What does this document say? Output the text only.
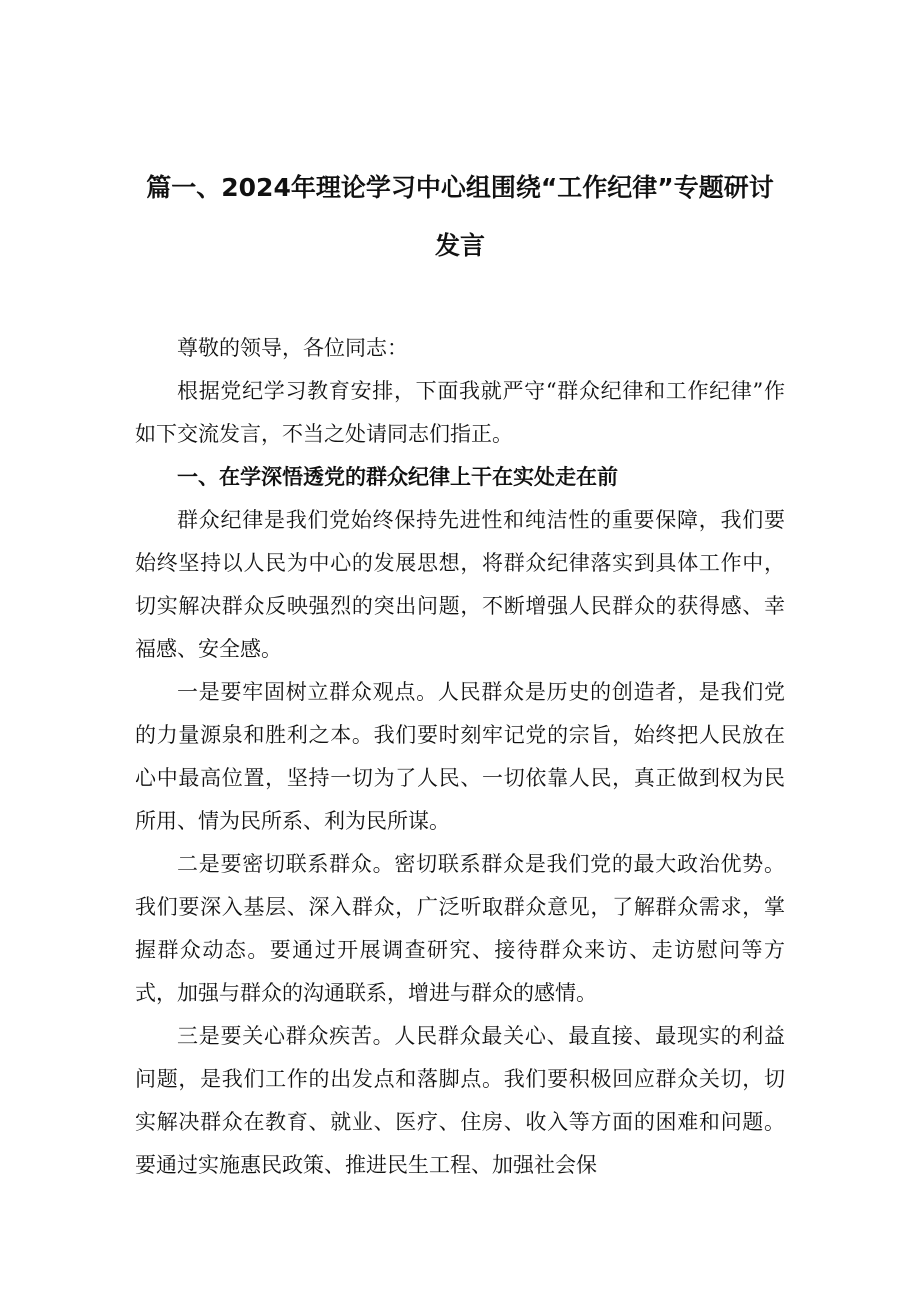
篇一、2024年理论学习中心组围绕“工作纪律”专题研讨
发言

尊敬的领导，各位同志：

根据党纪学习教育安排，下面我就严守“群众纪律和工作纪律”作如下交流发言，不当之处请同志们指正。

一、在学深悟透党的群众纪律上干在实处走在前

群众纪律是我们党始终保持先进性和纯洁性的重要保障，我们要始终坚持以人民为中心的发展思想，将群众纪律落实到具体工作中，切实解决群众反映强烈的突出问题，不断增强人民群众的获得感、幸福感、安全感。

一是要牢固树立群众观点。人民群众是历史的创造者，是我们党的力量源泉和胜利之本。我们要时刻牢记党的宗旨，始终把人民放在心中最高位置，坚持一切为了人民、一切依靠人民，真正做到权为民所用、情为民所系、利为民所谋。

二是要密切联系群众。密切联系群众是我们党的最大政治优势。我们要深入基层、深入群众，广泛听取群众意见，了解群众需求，掌握群众动态。要通过开展调查研究、接待群众来访、走访慰问等方式，加强与群众的沟通联系，增进与群众的感情。

三是要关心群众疾苦。人民群众最关心、最直接、最现实的利益问题，是我们工作的出发点和落脚点。我们要积极回应群众关切，切实解决群众在教育、就业、医疗、住房、收入等方面的困难和问题。要通过实施惠民政策、推进民生工程、加强社会保
